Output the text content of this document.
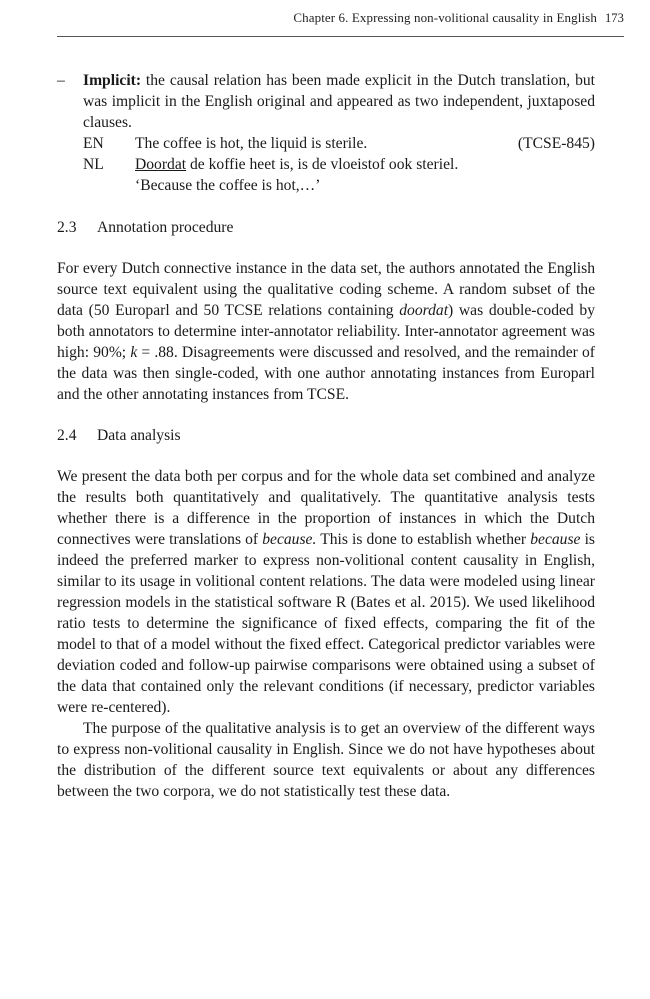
Chapter 6. Expressing non-volitional causality in English 173
– Implicit: the causal relation has been made explicit in the Dutch translation, but was implicit in the English original and appeared as two independent, juxtaposed clauses.

EN	The coffee is hot, the liquid is sterile.	(TCSE-845)
NL	Doordat de koffie heet is, is de vloeistof ook steriel.
‘Because the coffee is hot,…’
2.3 Annotation procedure

For every Dutch connective instance in the data set, the authors annotated the English source text equivalent using the qualitative coding scheme. A random subset of the data (50 Europarl and 50 TCSE relations containing doordat) was double-coded by both annotators to determine inter-annotator reliability. Inter-annotator agreement was high: 90%; k = .88. Disagreements were discussed and resolved, and the remainder of the data was then single-coded, with one author annotating instances from Europarl and the other annotating instances from TCSE.

2.4 Data analysis

We present the data both per corpus and for the whole data set combined and analyze the results both quantitatively and qualitatively. The quantitative analysis tests whether there is a difference in the proportion of instances in which the Dutch connectives were translations of because. This is done to establish whether because is indeed the preferred marker to express non-volitional content causality in English, similar to its usage in volitional content relations. The data were modeled using linear regression models in the statistical software R (Bates et al. 2015). We used likelihood ratio tests to determine the significance of fixed effects, comparing the fit of the model to that of a model without the fixed effect. Categorical predictor variables were deviation coded and follow-up pairwise comparisons were obtained using a subset of the data that contained only the relevant conditions (if necessary, predictor variables were re-centered).

The purpose of the qualitative analysis is to get an overview of the different ways to express non-volitional causality in English. Since we do not have hypotheses about the distribution of the different source text equivalents or about any differences between the two corpora, we do not statistically test these data.
